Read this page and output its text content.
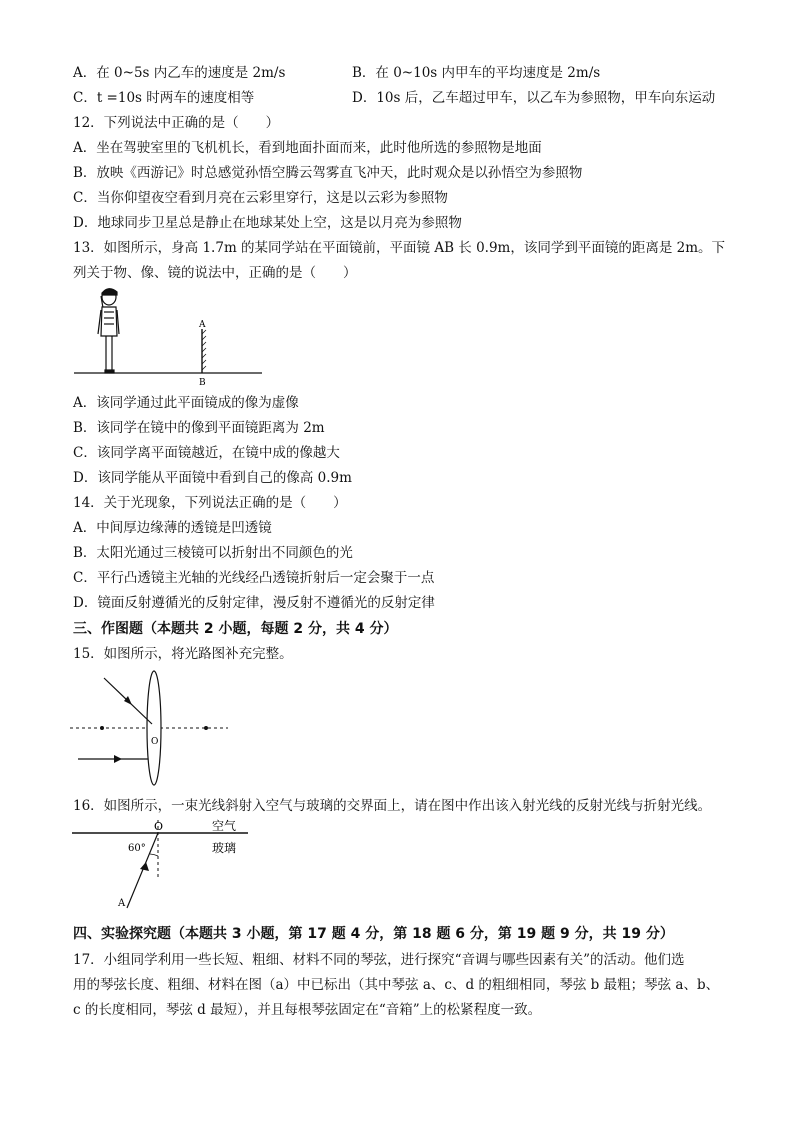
A．在 0~5s 内乙车的速度是 2m/s	B．在 0~10s 内甲车的平均速度是 2m/s
C．t =10s 时两车的速度相等	D．10s 后，乙车超过甲车，以乙车为参照物，甲车向东运动
12．下列说法中正确的是（　　）
A．坐在驾驶室里的飞机机长，看到地面扑面而来，此时他所选的参照物是地面
B．放映《西游记》时总感觉孙悟空腾云驾雾直飞冲天，此时观众是以孙悟空为参照物
C．当你仰望夜空看到月亮在云彩里穿行，这是以云彩为参照物
D．地球同步卫星总是静止在地球某处上空，这是以月亮为参照物
13．如图所示，身高 1.7m 的某同学站在平面镜前，平面镜 AB 长 0.9m，该同学到平面镜的距离是 2m。下
列关于物、像、镜的说法中，正确的是（　　）
A
B
A．该同学通过此平面镜成的像为虚像
B．该同学在镜中的像到平面镜距离为 2m
C．该同学离平面镜越近，在镜中成的像越大
D．该同学能从平面镜中看到自己的像高 0.9m
14．关于光现象，下列说法正确的是（　　）
A．中间厚边缘薄的透镜是凹透镜
B．太阳光通过三棱镜可以折射出不同颜色的光
C．平行凸透镜主光轴的光线经凸透镜折射后一定会聚于一点
D．镜面反射遵循光的反射定律，漫反射不遵循光的反射定律
三、作图题（本题共 2 小题，每题 2 分，共 4 分）
15．如图所示，将光路图补充完整。
O
16．如图所示，一束光线斜射入空气与玻璃的交界面上，请在图中作出该入射光线的反射光线与折射光线。
O	空气
玻璃
60°
A
四、实验探究题（本题共 3 小题，第 17 题 4 分，第 18 题 6 分，第 19 题 9 分，共 19 分）
17．小组同学利用一些长短、粗细、材料不同的琴弦，进行探究“音调与哪些因素有关”的活动。他们选
用的琴弦长度、粗细、材料在图（a）中已标出（其中琴弦 a、c、d 的粗细相同，琴弦 b 最粗；琴弦 a、b、
c 的长度相同，琴弦 d 最短），并且每根琴弦固定在“音箱”上的松紧程度一致。
